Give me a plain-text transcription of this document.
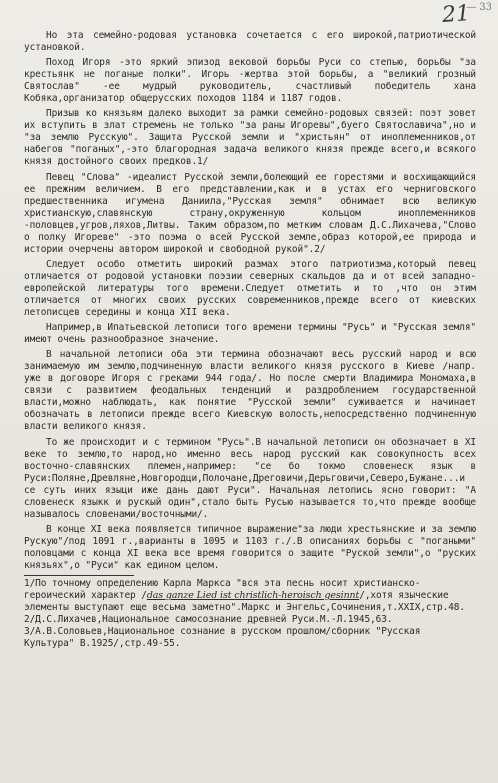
21
— 33

Но эта семейно-родовая установка сочетается с его широкой,патриотической установкой.

Поход Игоря -это яркий эпизод вековой борьбы Руси со степью, борьбы "за крестьянк не поганые полки". Игорь -жертва этой борьбы, а "великий грозный Святослав" -ее мудрый руководитель, счастливый победитель хана Кобяка,организатор общерусских походов 1184 и 1187 годов.

Призыв ко князьям далеко выходит за рамки семейно-родовых связей: поэт зовет их вступить в злат стремень не только "за раны Игоревы",буего Святославича",но и "за землю Русскую". Защита Русской земли и "христьян" от иноплеменников,от набегов "поганых",-это благородная задача великого князя прежде всего,и всякого князя достойного своих предков.1/

Певец "Слова" -идеалист Русской земли,болеющий ее горестями и восхищающийся ее прежним величием. В его представлении,как и в устах его черниговского предшественника игумена Даниила,"Русская земля" обнимает всю великую христианскую,славянскую страну,окруженную кольцом иноплеменников -половцев,угров,ляхов,Литвы. Таким образом,по метким словам Д.С.Лихачева,"Слово о полку Игореве" -это поэма о всей Русской земле,образ которой,ее природа и истории очерчены автором широкой и свободной рукой".2/

Следует особо отметить широкий размах этого патриотизма,который певец отличается от родовой установки поэзии северных скальдов да и от всей западно-европейской литературы того времени.Следует отметить и то ,что он этим отличается от многих своих русских современников,прежде всего от киевских летописцев середины и конца XII века.

Например,в Ипатьевской летописи того времени термины "Русь" и "Русская земля" имеют очень разнообразное значение.

В начальной летописи оба эти термина обозначают весь русский народ и всю занимаемую им землю,подчиненную власти великого князя русского в Киеве /напр. уже в договоре Игоря с греками 944 года/. Но после смерти Владимира Мономаха,в связи с развитием феодальных тенденций и раздроблением государственной власти,можно наблюдать, как понятие "Русской земли" суживается и начинает обозначать в летописи прежде всего Киевскую волость,непосредственно подчиненную власти великого князя.

То же происходит и с термином "Русь".В начальной летописи он обозначает в XI веке то землю,то народ,но именно весь народ русский как совокупность всех восточно-славянских племен,например: "се бо токмо словенеск язык в Руси:Поляне,Древляне,Новгородци,Полочане,Дреговичи,Дерьговичи,Северо,Бужане...и се суть иних языци иже дань дают Руси". Начальная летопись ясно говорит: "А словенеск языкк и рускый один",стало быть Русью называется то,что прежде вообще называлось словенами/восточными/.

В конце XI века появляется типичное выражение"за люди хрестьянские и за землю Рускую"/под 1091 г.,варианты в 1095 и 1103 г./.В описаниях борьбы с "погаными" половцами с конца XI века все время говорится о защите "Руской земли",о "руских князьях",о "Руси" как едином целом.

1/По точному определению Карла Маркса "вся эта песнь носит христианско-героический характер /das ganze Lied ist christlich-heroisch gesinnt/,хотя языческие элементы выступают еще весьма заметно".Маркс и Энгельс,Сочинения,т.XXIX,стр.48.

2/Д.С.Лихачев,Национальное самосознание древней Руси.М.-Л.1945,63.

3/А.В.Соловьев,Национальное сознание в русском прошлом/сборник "Русская Культура" В.1925/,стр.49-55.
